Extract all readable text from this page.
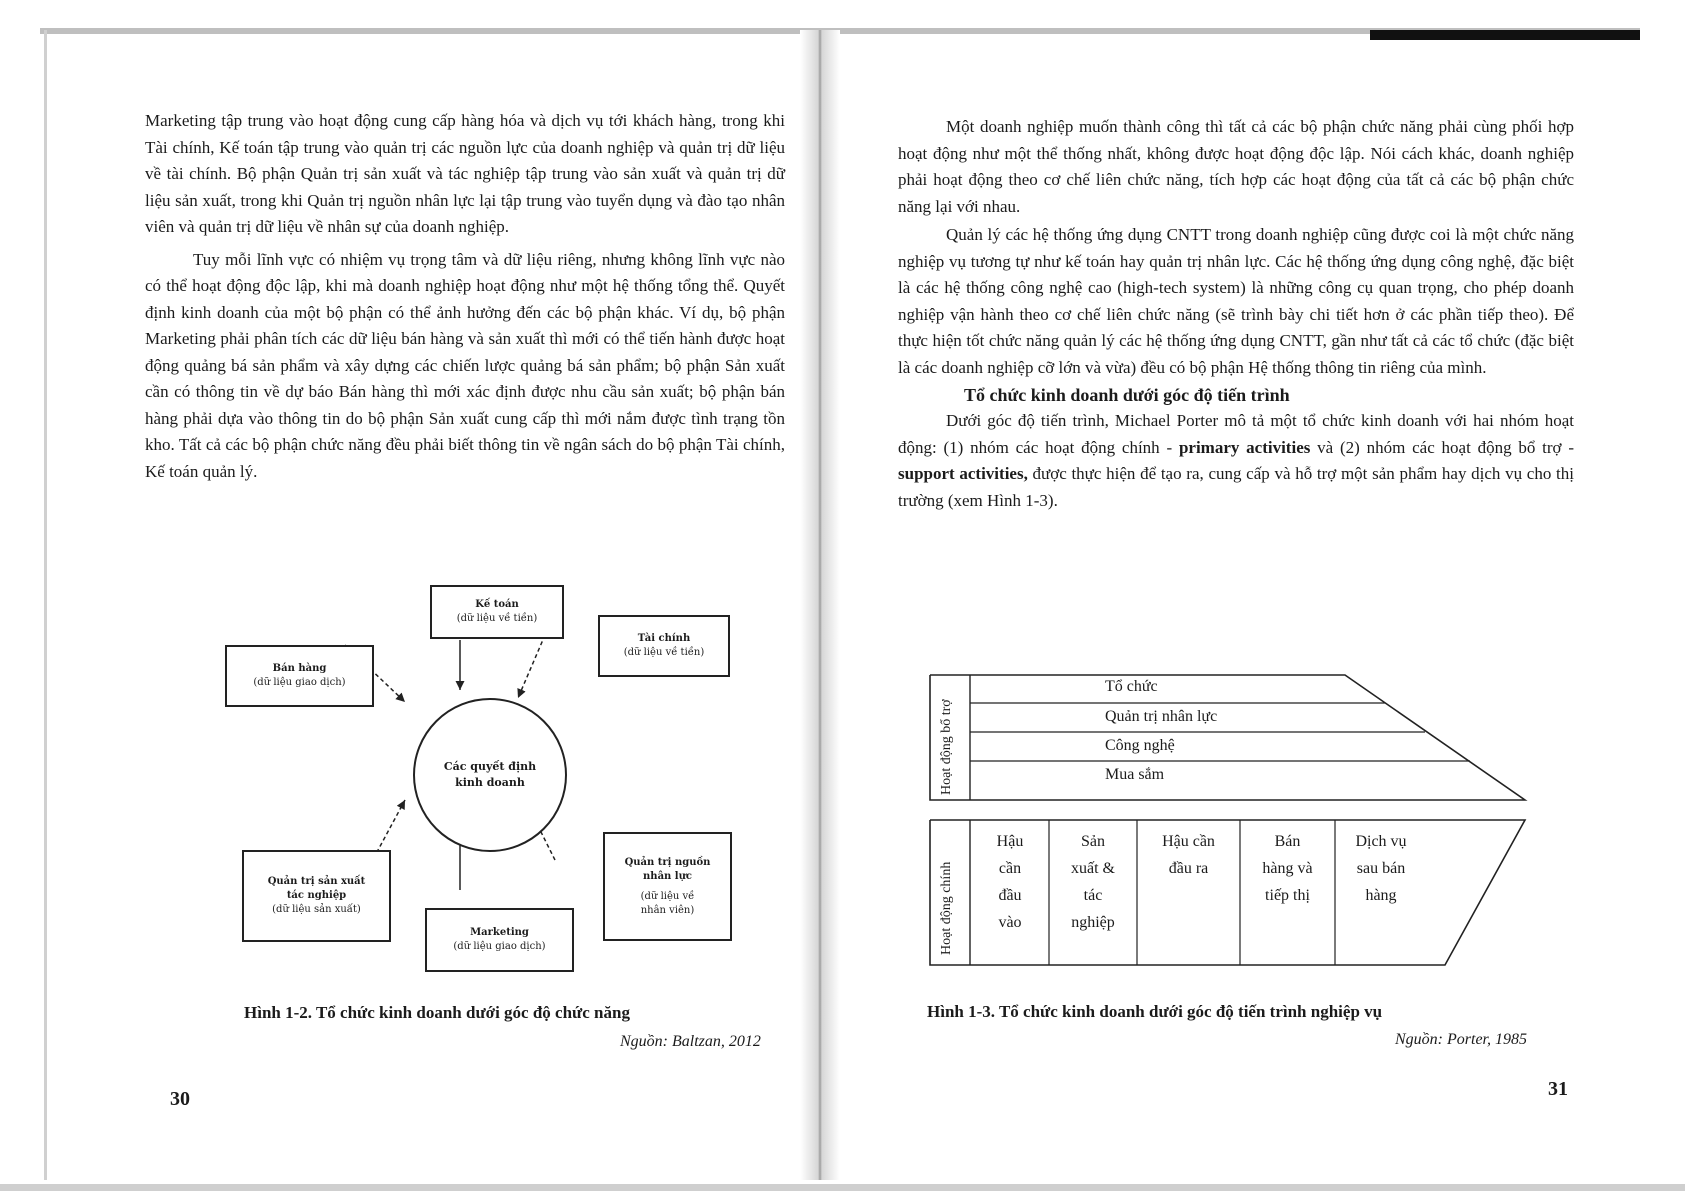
Marketing tập trung vào hoạt động cung cấp hàng hóa và dịch vụ tới khách hàng, trong khi Tài chính, Kế toán tập trung vào quản trị các nguồn lực của doanh nghiệp và quản trị dữ liệu về tài chính. Bộ phận Quản trị sản xuất và tác nghiệp tập trung vào sản xuất và quản trị dữ liệu sản xuất, trong khi Quản trị nguồn nhân lực lại tập trung vào tuyển dụng và đào tạo nhân viên và quản trị dữ liệu về nhân sự của doanh nghiệp.

Tuy mỗi lĩnh vực có nhiệm vụ trọng tâm và dữ liệu riêng, nhưng không lĩnh vực nào có thể hoạt động độc lập, khi mà doanh nghiệp hoạt động như một hệ thống tổng thể. Quyết định kinh doanh của một bộ phận có thể ảnh hưởng đến các bộ phận khác. Ví dụ, bộ phận Marketing phải phân tích các dữ liệu bán hàng và sản xuất thì mới có thể tiến hành được hoạt động quảng bá sản phẩm và xây dựng các chiến lược quảng bá sản phẩm; bộ phận Sản xuất cần có thông tin về dự báo Bán hàng thì mới xác định được nhu cầu sản xuất; bộ phận bán hàng phải dựa vào thông tin do bộ phận Sản xuất cung cấp thì mới nắm được tình trạng tồn kho. Tất cả các bộ phận chức năng đều phải biết thông tin về ngân sách do bộ phận Tài chính, Kế toán quản lý.

Kế toán
(dữ liệu về tiền)
Tài chính
(dữ liệu về tiền)
Bán hàng
(dữ liệu giao dịch)
Các quyết định
kinh doanh
Quản trị sản xuất
tác nghiệp
(dữ liệu sản xuất)
Quản trị nguồn
nhân lực
(dữ liệu về
nhân viên)
Marketing
(dữ liệu giao dịch)
Hình 1-2. Tổ chức kinh doanh dưới góc độ chức năng
Nguồn: Baltzan, 2012
30

Một doanh nghiệp muốn thành công thì tất cả các bộ phận chức năng phải cùng phối hợp hoạt động như một thể thống nhất, không được hoạt động độc lập. Nói cách khác, doanh nghiệp phải hoạt động theo cơ chế liên chức năng, tích hợp các hoạt động của tất cả các bộ phận chức năng lại với nhau.

Quản lý các hệ thống ứng dụng CNTT trong doanh nghiệp cũng được coi là một chức năng nghiệp vụ tương tự như kế toán hay quản trị nhân lực. Các hệ thống ứng dụng công nghệ, đặc biệt là các hệ thống công nghệ cao (high-tech system) là những công cụ quan trọng, cho phép doanh nghiệp vận hành theo cơ chế liên chức năng (sẽ trình bày chi tiết hơn ở các phần tiếp theo). Để thực hiện tốt chức năng quản lý các hệ thống ứng dụng CNTT, gần như tất cả các tổ chức (đặc biệt là các doanh nghiệp cỡ lớn và vừa) đều có bộ phận Hệ thống thông tin riêng của mình.

Tổ chức kinh doanh dưới góc độ tiến trình

Dưới góc độ tiến trình, Michael Porter mô tả một tổ chức kinh doanh với hai nhóm hoạt động: (1) nhóm các hoạt động chính - primary activities và (2) nhóm các hoạt động bổ trợ - support activities, được thực hiện để tạo ra, cung cấp và hỗ trợ một sản phẩm hay dịch vụ cho thị trường (xem Hình 1-3).

Hoạt động bổ trợ
Tổ chức
Quản trị nhân lực
Công nghệ
Mua sắm
Hoạt động chính
Hậu
cần
đầu
vào
Sản
xuất &
tác
nghiệp
Hậu cần
đầu ra
Bán
hàng và
tiếp thị
Dịch vụ
sau bán
hàng
Hình 1-3. Tổ chức kinh doanh dưới góc độ tiến trình nghiệp vụ
Nguồn: Porter, 1985
31
